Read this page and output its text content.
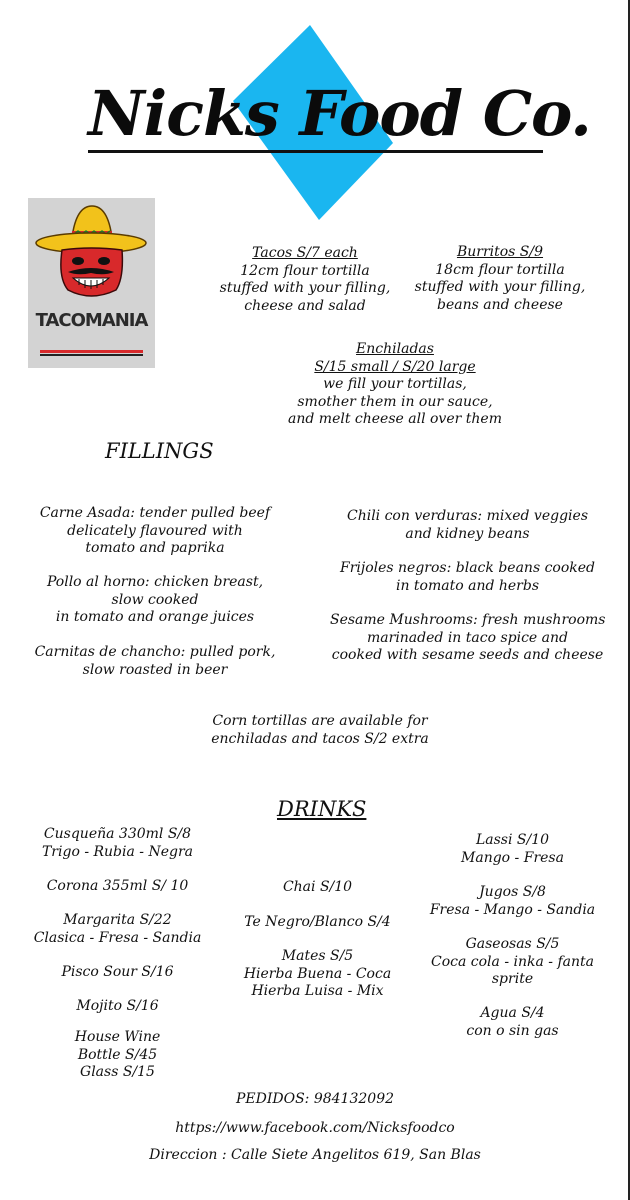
Nicks Food Co.
TACOMANIA
Tacos S/7 each
12cm flour tortilla
stuffed with your filling,
cheese and salad
Burritos S/9
18cm flour tortilla
stuffed with your filling,
beans and cheese
Enchiladas
S/15 small / S/20 large
we fill your tortillas,
smother them in our sauce,
and melt cheese all over them
FILLINGS
Carne Asada: tender pulled beef
delicately flavoured with
tomato and paprika
Pollo al horno: chicken breast,
slow cooked
in tomato and orange juices
Carnitas de chancho: pulled pork,
slow roasted in beer
Chili con verduras: mixed veggies
and kidney beans
Frijoles negros: black beans cooked
in tomato and herbs
Sesame Mushrooms: fresh mushrooms
marinaded in taco spice and
cooked with sesame seeds and cheese
Corn tortillas are available for
enchiladas and tacos S/2 extra
DRINKS
Cusqueña 330ml S/8
Trigo - Rubia - Negra
Corona 355ml S/ 10
Margarita S/22
Clasica - Fresa - Sandia
Pisco Sour S/16
Mojito S/16
House Wine
Bottle S/45
Glass S/15
Chai S/10
Te Negro/Blanco S/4
Mates S/5
Hierba Buena - Coca
Hierba Luisa - Mix
Lassi S/10
Mango - Fresa
Jugos S/8
Fresa - Mango - Sandia
Gaseosas S/5
Coca cola - inka - fanta
sprite
Agua S/4
con o sin gas
PEDIDOS: 984132092
https://www.facebook.com/Nicksfoodco
Direccion : Calle Siete Angelitos 619, San Blas
